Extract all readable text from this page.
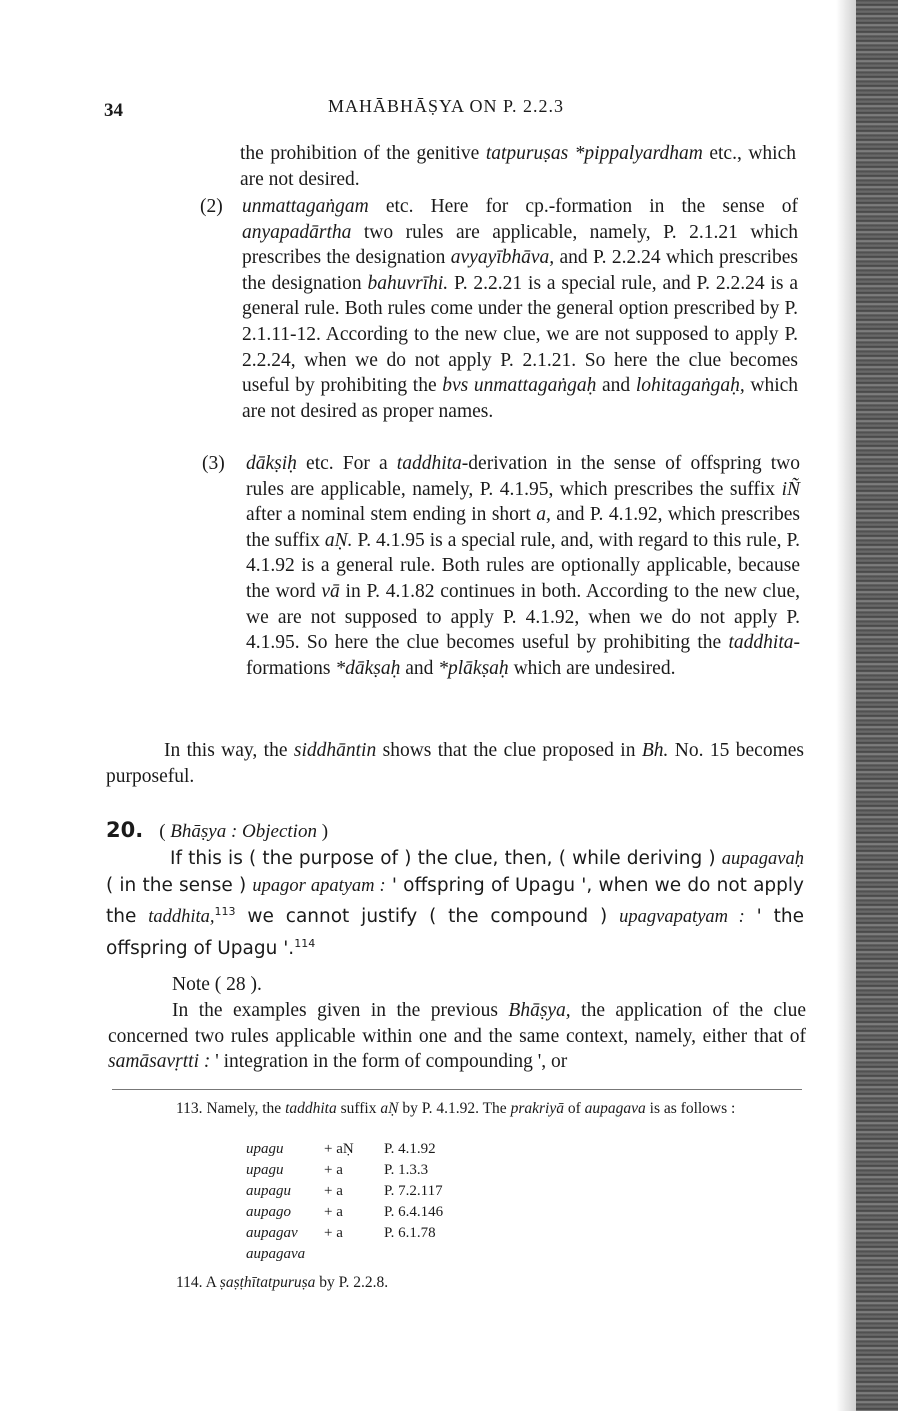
34	MAHĀBHĀṢYA ON P. 2.2.3
the prohibition of the genitive tatpuruṣas *pippalyardham etc., which are not desired.
(2) unmattagaṅgam etc. Here for cp.-formation in the sense of anyapadārtha two rules are applicable, namely, P. 2.1.21 which prescribes the designation avyayībhāva, and P. 2.2.24 which prescribes the designation bahuvrīhi. P. 2.2.21 is a special rule, and P. 2.2.24 is a general rule. Both rules come under the general option prescribed by P. 2.1.11-12. According to the new clue, we are not supposed to apply P. 2.2.24, when we do not apply P. 2.1.21. So here the clue becomes useful by prohibiting the bvs unmattagaṅgaḥ and lohitagaṅgaḥ, which are not desired as proper names.
(3) dākṣiḥ etc. For a taddhita-derivation in the sense of offspring two rules are applicable, namely, P. 4.1.95, which prescribes the suffix iÑ after a nominal stem ending in short a, and P. 4.1.92, which prescribes the suffix aṆ. P. 4.1.95 is a special rule, and, with regard to this rule, P. 4.1.92 is a general rule. Both rules are optionally applicable, because the word vā in P. 4.1.82 continues in both. According to the new clue, we are not supposed to apply P. 4.1.92, when we do not apply P. 4.1.95. So here the clue becomes useful by prohibiting the taddhita-formations *dākṣaḥ and *plākṣaḥ which are undesired.
In this way, the siddhāntin shows that the clue proposed in Bh. No. 15 becomes purposeful.
20. ( Bhāṣya : Objection )
If this is ( the purpose of ) the clue, then, ( while deriving ) aupagavaḥ ( in the sense ) upagor apatyam : ' offspring of Upagu ', when we do not apply the taddhita,$^{113}$ we cannot justify ( the compound ) upagvapatyam : ' the offspring of Upagu '.$^{114}$
Note ( 28 ).
In the examples given in the previous Bhāṣya, the application of the clue concerned two rules applicable within one and the same context, namely, either that of samāsavṛtti : ' integration in the form of compounding ', or
113. Namely, the taddhita suffix aṆ by P. 4.1.92. The prakriyā of aupagava is as follows :
upagu	+ aṆ	P. 4.1.92
upagu	+ a	P. 1.3.3
aupagu	+ a	P. 7.2.117
aupago	+ a	P. 6.4.146
aupagav	+ a	P. 6.1.78
aupagava		
114. A ṣaṣṭhītatpuruṣa by P. 2.2.8.
